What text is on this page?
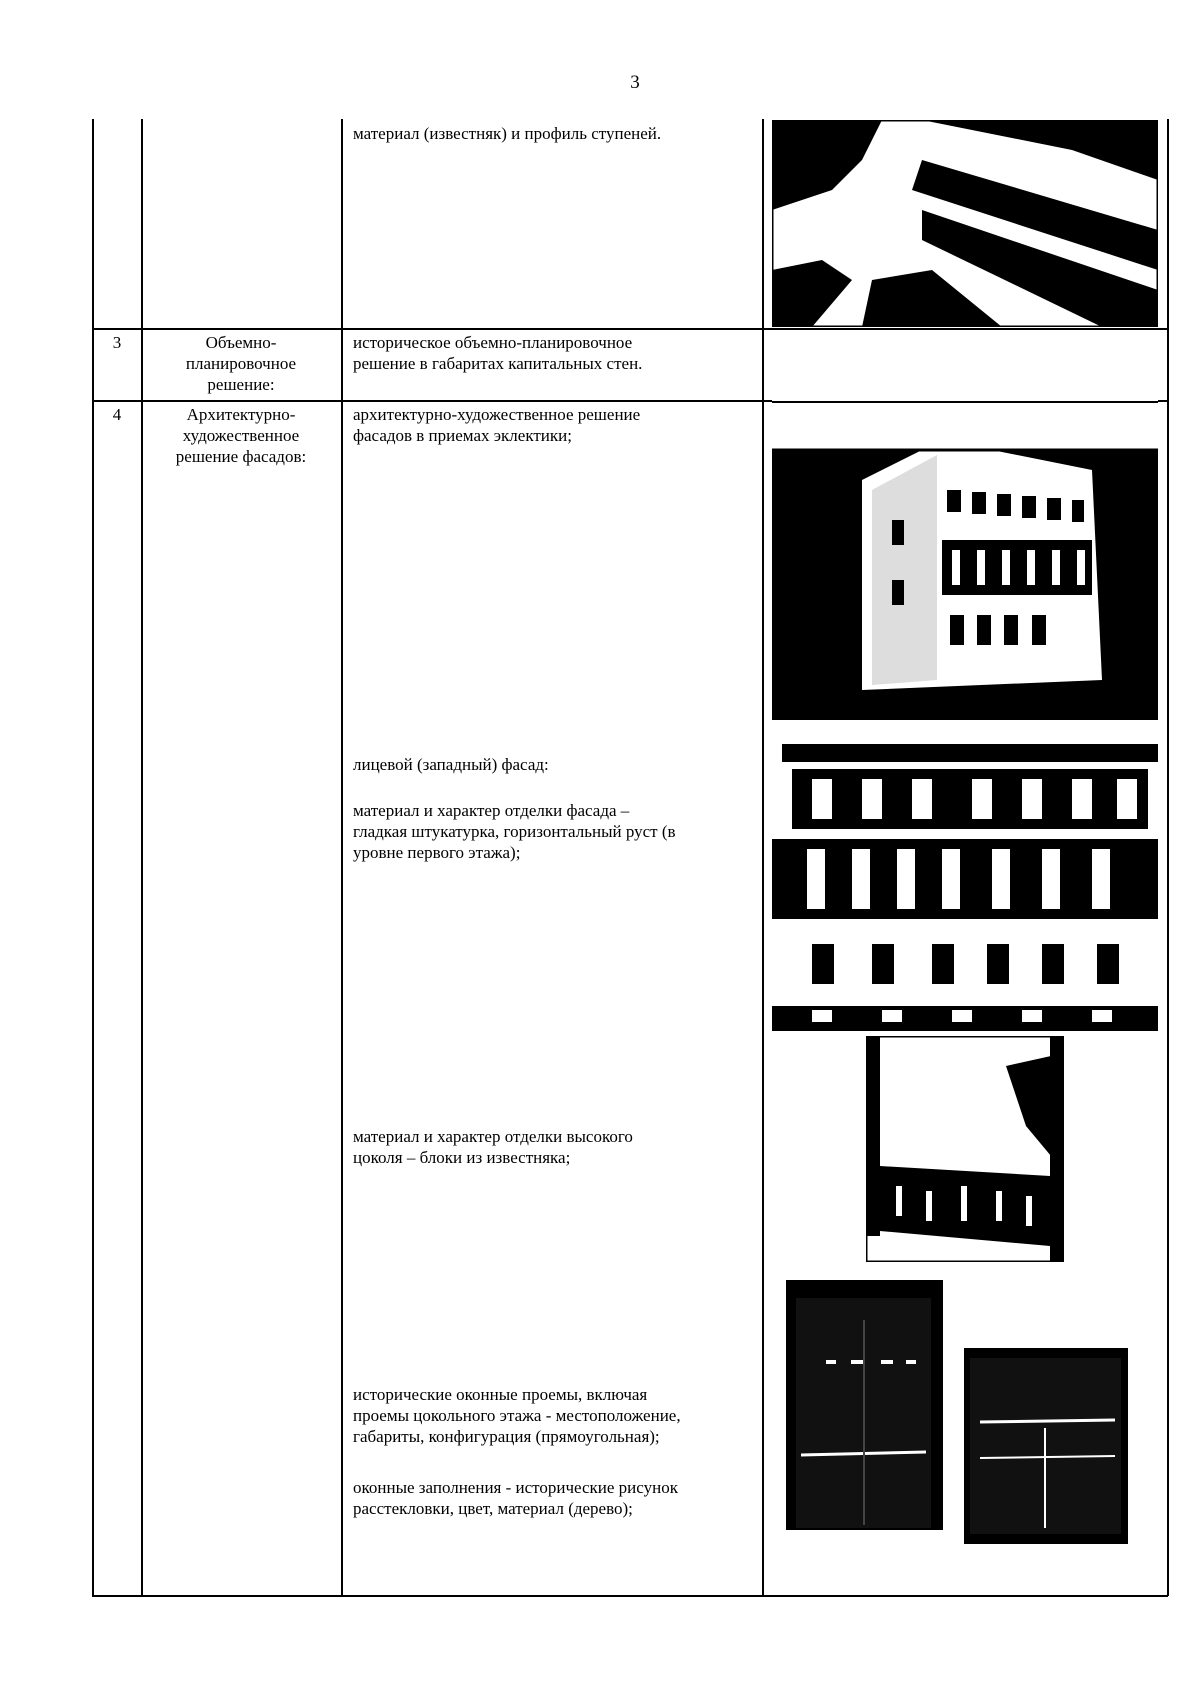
3
материал (известняк) и профиль ступеней.
3	Объемно-
планировочное
решение:
историческое объемно-планировочное
решение в габаритах капитальных стен.
4	Архитектурно-
художественное
решение фасадов:
архитектурно-художественное решение
фасадов в приемах эклектики;
лицевой (западный) фасад:
материал и характер отделки фасада –
гладкая штукатурка, горизонтальный руст (в
уровне первого этажа);
материал и характер отделки высокого
цоколя – блоки из известняка;
исторические оконные проемы, включая
проемы цокольного этажа - местоположение,
габариты, конфигурация (прямоугольная);
оконные заполнения - исторические рисунок
расстекловки, цвет, материал (дерево);
